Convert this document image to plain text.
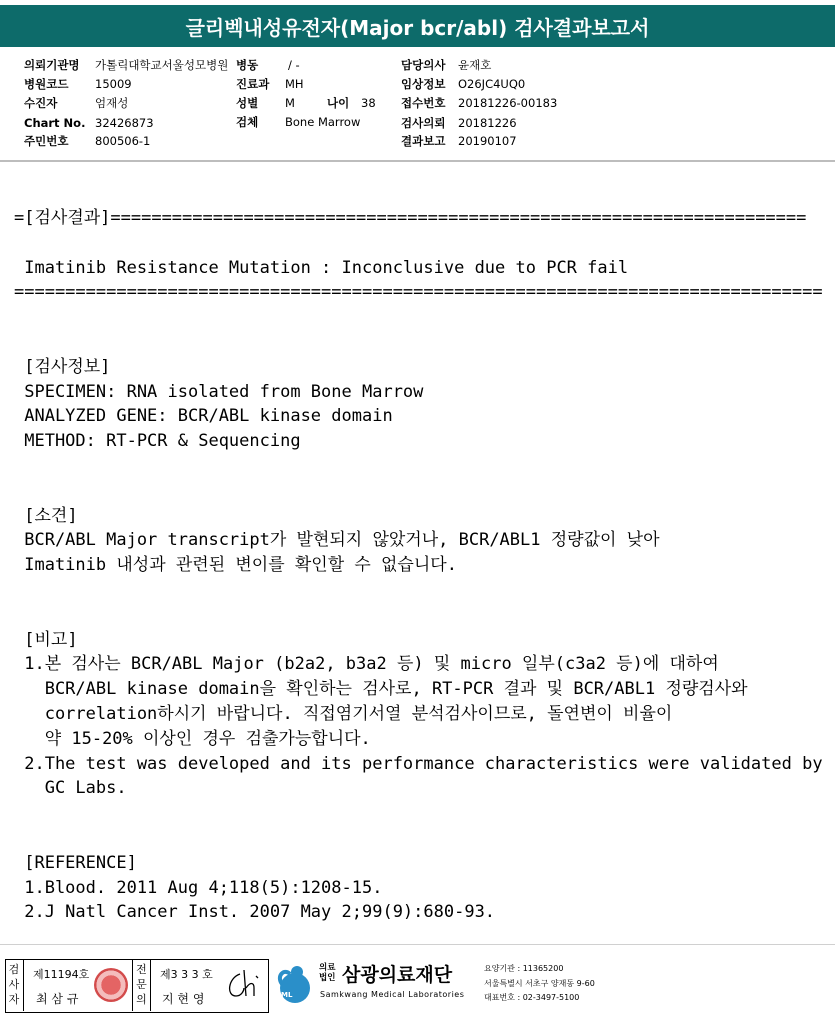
글리벡내성유전자(Major bcr/abl) 검사결과보고서
의뢰기관명 가톨릭대학교서울성모병원 병동	/ -	담당의사 윤재호
병원코드 15009	진료과 MH	임상정보 O26JC4UQ0
수진자	엄재성	성별 M	나이 38 접수번호 20181226-00183
Chart No. 32426873	검체 Bone Marrow	검사의뢰 20181226
주민번호 800506-1	결과보고 20190107
=[검사결과]====================================================================
Imatinib Resistance Mutation : Inconclusive due to PCR fail
===============================================================================
[검사정보]
SPECIMEN: RNA isolated from Bone Marrow
ANALYZED GENE: BCR/ABL kinase domain
METHOD: RT-PCR & Sequencing
[소견]
BCR/ABL Major transcript가 발현되지 않았거나, BCR/ABL1 정량값이 낮아
Imatinib 내성과 관련된 변이를 확인할 수 없습니다.
[비고]
1.본 검사는 BCR/ABL Major (b2a2, b3a2 등) 및 micro 일부(c3a2 등)에 대하여
BCR/ABL kinase domain을 확인하는 검사로, RT-PCR 결과 및 BCR/ABL1 정량검사와
correlation하시기 바랍니다. 직접염기서열 분석검사이므로, 돌연변이 비율이
약 15-20% 이상인 경우 검출가능합니다.
2.The test was developed and its performance characteristics were validated by
GC Labs.
[REFERENCE]
1.Blood. 2011 Aug 4;118(5):1208-15.
2.J Natl Cancer Inst. 2007 May 2;99(9):680-93.
검사자
제11194호
최 삼 규
전문의
제3 3 3 호
지 현 영	SML
의료법인 삼광의료재단
Samkwang Medical Laboratories
요양기관 : 11365200
서울특별시 서초구 양재동 9-60
대표번호 : 02-3497-5100
